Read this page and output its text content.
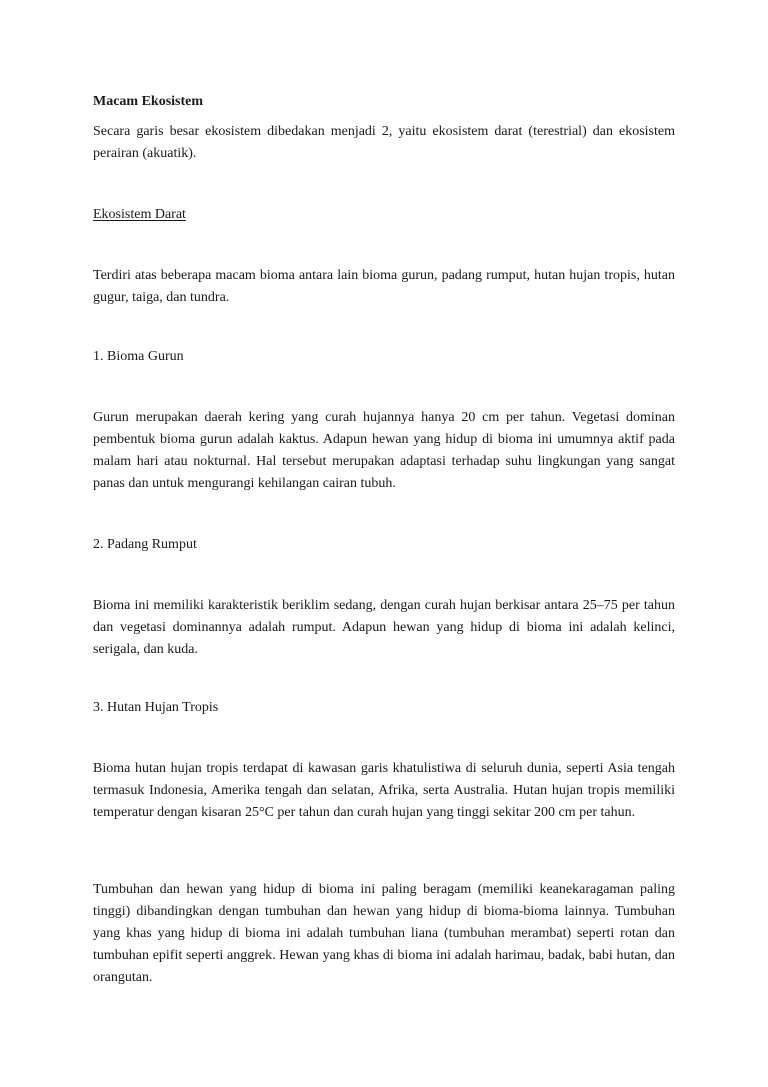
Macam Ekosistem
Secara garis besar ekosistem dibedakan menjadi 2, yaitu ekosistem darat (terestrial) dan ekosistem perairan (akuatik).
Ekosistem Darat
Terdiri atas beberapa macam bioma antara lain bioma gurun, padang rumput, hutan hujan tropis, hutan gugur, taiga, dan tundra.
1. Bioma Gurun
Gurun merupakan daerah kering yang curah hujannya hanya 20 cm per tahun. Vegetasi dominan pembentuk bioma gurun adalah kaktus. Adapun hewan yang hidup di bioma ini umumnya aktif pada malam hari atau nokturnal. Hal tersebut merupakan adaptasi terhadap suhu lingkungan yang sangat panas dan untuk mengurangi kehilangan cairan tubuh.
2. Padang Rumput
Bioma ini memiliki karakteristik beriklim sedang, dengan curah hujan berkisar antara 25–75 per tahun dan vegetasi dominannya adalah rumput. Adapun hewan yang hidup di bioma ini adalah kelinci, serigala, dan kuda.
3. Hutan Hujan Tropis
Bioma hutan hujan tropis terdapat di kawasan garis khatulistiwa di seluruh dunia, seperti Asia tengah termasuk Indonesia, Amerika tengah dan selatan, Afrika, serta Australia. Hutan hujan tropis memiliki temperatur dengan kisaran 25°C per tahun dan curah hujan yang tinggi sekitar 200 cm per tahun.
Tumbuhan dan hewan yang hidup di bioma ini paling beragam (memiliki keanekaragaman paling tinggi) dibandingkan dengan tumbuhan dan hewan yang hidup di bioma-bioma lainnya. Tumbuhan yang khas yang hidup di bioma ini adalah tumbuhan liana (tumbuhan merambat) seperti rotan dan tumbuhan epifit seperti anggrek. Hewan yang khas di bioma ini adalah harimau, badak, babi hutan, dan orangutan.
